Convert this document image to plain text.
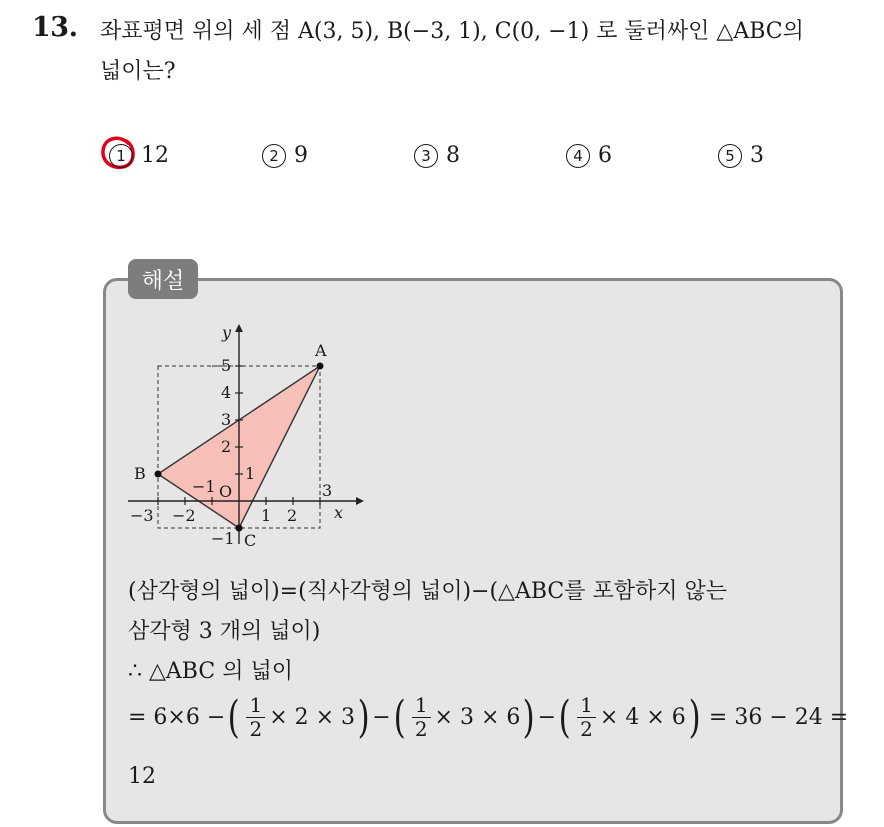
13. 좌표평면 위의 세 점 A(3, 5), B(−3, 1), C(0, −1) 로 둘러싸인 △ABC의
넓이는?
1 12	2 9	3 8	4 6	5 3
해설
y
x
O
A
B
C
−3 −2
−1
1 2
3
−1
1
2
3
4
5
(삼각형의 넓이)=(직사각형의 넓이)−(△ABC를 포함하지 않는
삼각형 3 개의 넓이)
∴ △ABC 의 넓이
= 6×6 − ( $\frac{1}{2} \times 2 \times 3$ ) − ( $\frac{1}{2} \times 3 \times 6$ ) − ( $\frac{1}{2} \times 4 \times 6$ ) = 36 − 24 =
12
